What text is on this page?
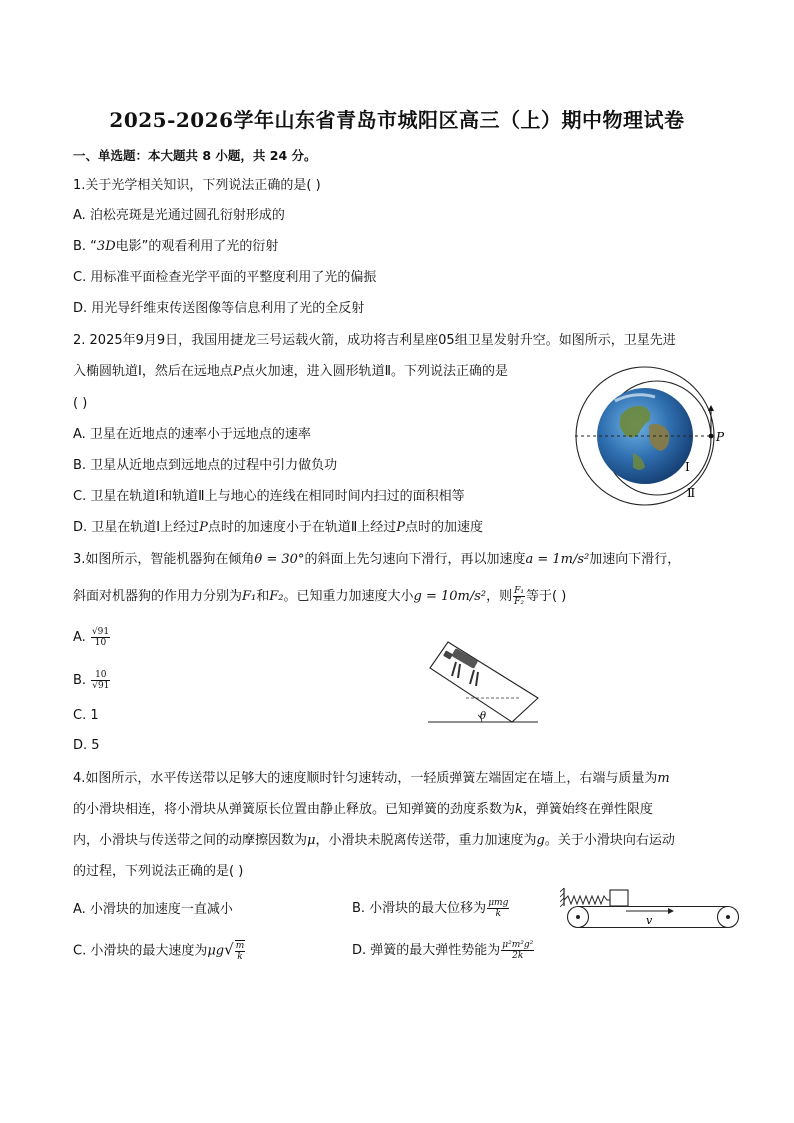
2025-2026学年山东省青岛市城阳区高三（上）期中物理试卷
一、单选题：本大题共 8 小题，共 24 分。
1.关于光学相关知识，下列说法正确的是( )
A. 泊松亮斑是光通过圆孔衍射形成的
B. “3D电影”的观看利用了光的衍射
C. 用标准平面检查光学平面的平整度利用了光的偏振
D. 用光导纤维束传送图像等信息利用了光的全反射
2. 2025年9月9日，我国用捷龙三号运载火箭，成功将吉利星座05组卫星发射升空。如图所示，卫星先进
入椭圆轨道Ⅰ，然后在远地点P点火加速，进入圆形轨道Ⅱ。下列说法正确的是
( )
A. 卫星在近地点的速率小于远地点的速率
B. 卫星从近地点到远地点的过程中引力做负功
C. 卫星在轨道Ⅰ和轨道Ⅱ上与地心的连线在相同时间内扫过的面积相等
D. 卫星在轨道Ⅰ上经过P点时的加速度小于在轨道Ⅱ上经过P点时的加速度
P
Ⅰ
Ⅱ
3.如图所示，智能机器狗在倾角θ = 30°的斜面上先匀速向下滑行，再以加速度a = 1m/s²加速向下滑行，
斜面对机器狗的作用力分别为F₁和F₂。已知重力加速度大小g = 10m/s²，则 $\frac{\text{F₁}}{\text{F₂}}$ 等于( )
A. $\frac{√91}{10}$
B. $\frac{10}{√91}$
C. 1
D. 5
θ
4.如图所示，水平传送带以足够大的速度顺时针匀速转动，一轻质弹簧左端固定在墙上，右端与质量为m
的小滑块相连，将小滑块从弹簧原长位置由静止释放。已知弹簧的劲度系数为k，弹簧始终在弹性限度
内，小滑块与传送带之间的动摩擦因数为μ，小滑块未脱离传送带，重力加速度为g。关于小滑块向右运动
的过程，下列说法正确的是( )
A. 小滑块的加速度一直减小	B. 小滑块的最大位移为 $\frac{\text{μmg}}{k}$
C. 小滑块的最大速度为$\mu g√ \frac{m}{k}$	D. 弹簧的最大弹性势能为 $\frac{\text{μ²m²g²}}{2k}$
v
